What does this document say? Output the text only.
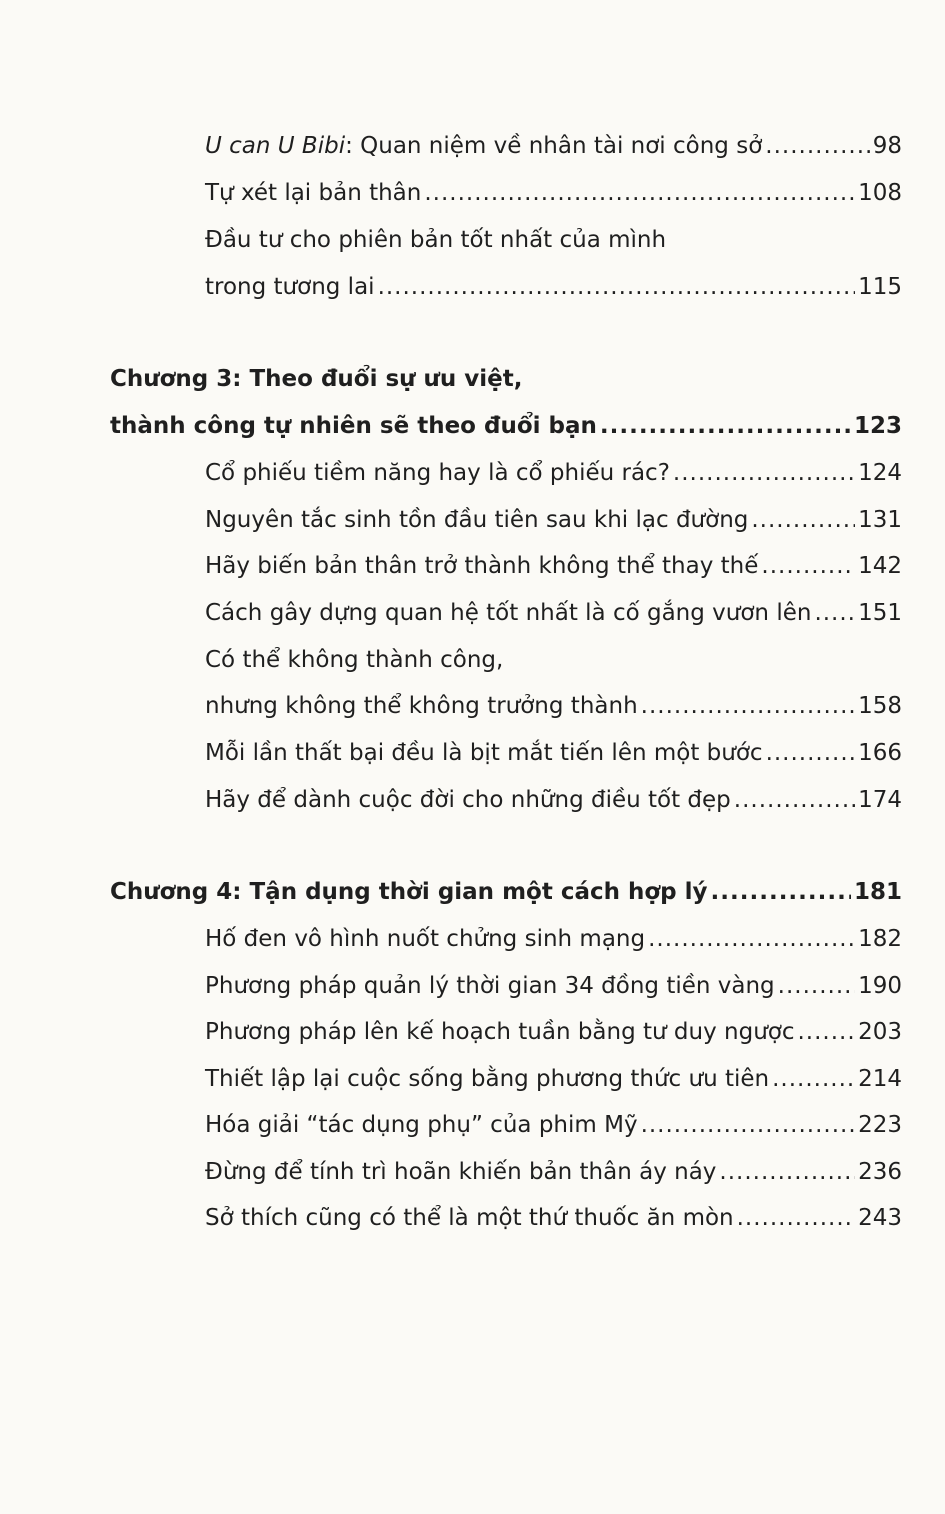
U can U Bibi: Quan niệm về nhân tài nơi công sở .....	98
Tự xét lại bản thân .....	108
Đầu tư cho phiên bản tốt nhất của mình
trong tương lai .....	115
Chương 3: Theo đuổi sự ưu việt,
thành công tự nhiên sẽ theo đuổi bạn .....	123
Cổ phiếu tiềm năng hay là cổ phiếu rác? .....	124
Nguyên tắc sinh tồn đầu tiên sau khi lạc đường .....	131
Hãy biến bản thân trở thành không thể thay thế .....	142
Cách gây dựng quan hệ tốt nhất là cố gắng vươn lên ..... 151
Có thể không thành công,
nhưng không thể không trưởng thành .....	158
Mỗi lần thất bại đều là bịt mắt tiến lên một bước .....	166
Hãy để dành cuộc đời cho những điều tốt đẹp .....	174
Chương 4: Tận dụng thời gian một cách hợp lý .....	181
Hố đen vô hình nuốt chửng sinh mạng .....	182
Phương pháp quản lý thời gian 34 đồng tiền vàng .....	190
Phương pháp lên kế hoạch tuần bằng tư duy ngược .....	203
Thiết lập lại cuộc sống bằng phương thức ưu tiên .....	214
Hóa giải “tác dụng phụ” của phim Mỹ .....	223
Đừng để tính trì hoãn khiến bản thân áy náy .....	236
Sở thích cũng có thể là một thứ thuốc ăn mòn .....	243
